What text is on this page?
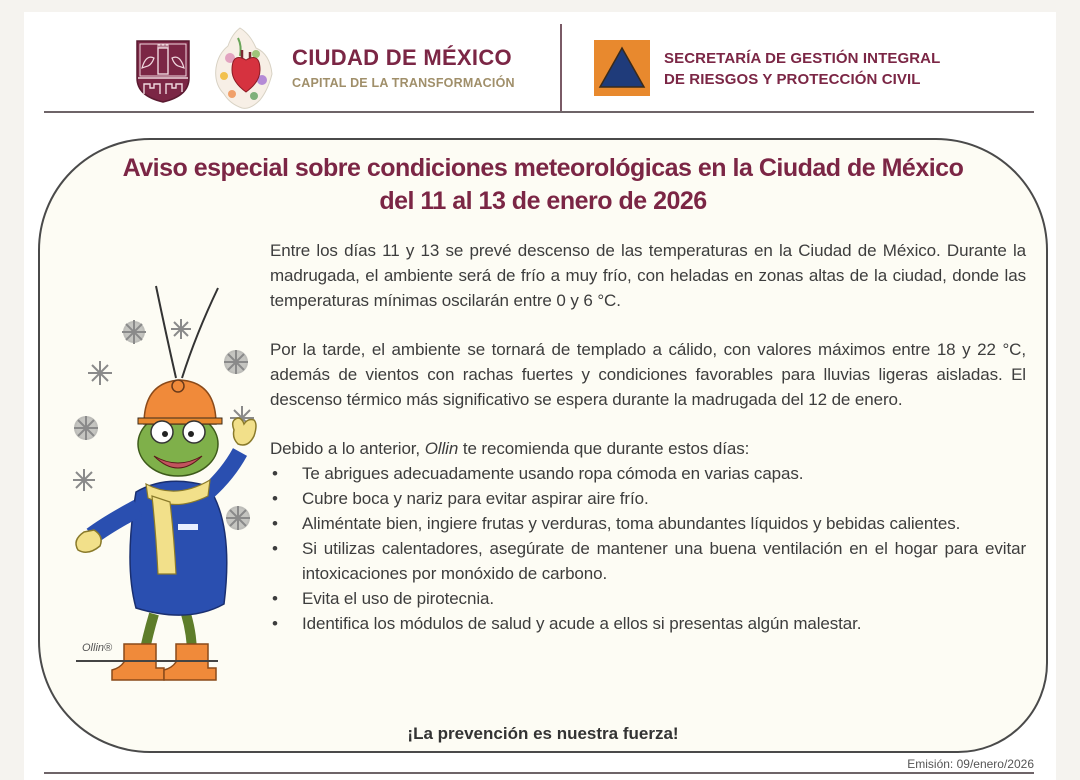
CIUDAD DE MÉXICO
CAPITAL DE LA TRANSFORMACIÓN
SECRETARÍA DE GESTIÓN INTEGRAL
DE RIESGOS Y PROTECCIÓN CIVIL
Aviso especial sobre condiciones meteorológicas en la Ciudad de México
del 11 al 13 de enero de 2026
Ollin®

Entre los días 11 y 13 se prevé descenso de las temperaturas en la Ciudad de México. Durante la madrugada, el ambiente será de frío a muy frío, con heladas en zonas altas de la ciudad, donde las temperaturas mínimas oscilarán entre 0 y 6 °C.

Por la tarde, el ambiente se tornará de templado a cálido, con valores máximos entre 18 y 22 °C, además de vientos con rachas fuertes y condiciones favorables para lluvias ligeras aisladas. El descenso térmico más significativo se espera durante la madrugada del 12 de enero.

Debido a lo anterior, Ollin te recomienda que durante estos días:

•	Te abrigues adecuadamente usando ropa cómoda en varias capas.
•	Cubre boca y nariz para evitar aspirar aire frío.
•	Aliméntate bien, ingiere frutas y verduras, toma abundantes líquidos y bebidas calientes.
•	Si utilizas calentadores, asegúrate de mantener una buena ventilación en el hogar para evitar intoxicaciones por monóxido de carbono.
•	Evita el uso de pirotecnia.
•	Identifica los módulos de salud y acude a ellos si presentas algún malestar.
¡La prevención es nuestra fuerza!
Emisión: 09/enero/2026
